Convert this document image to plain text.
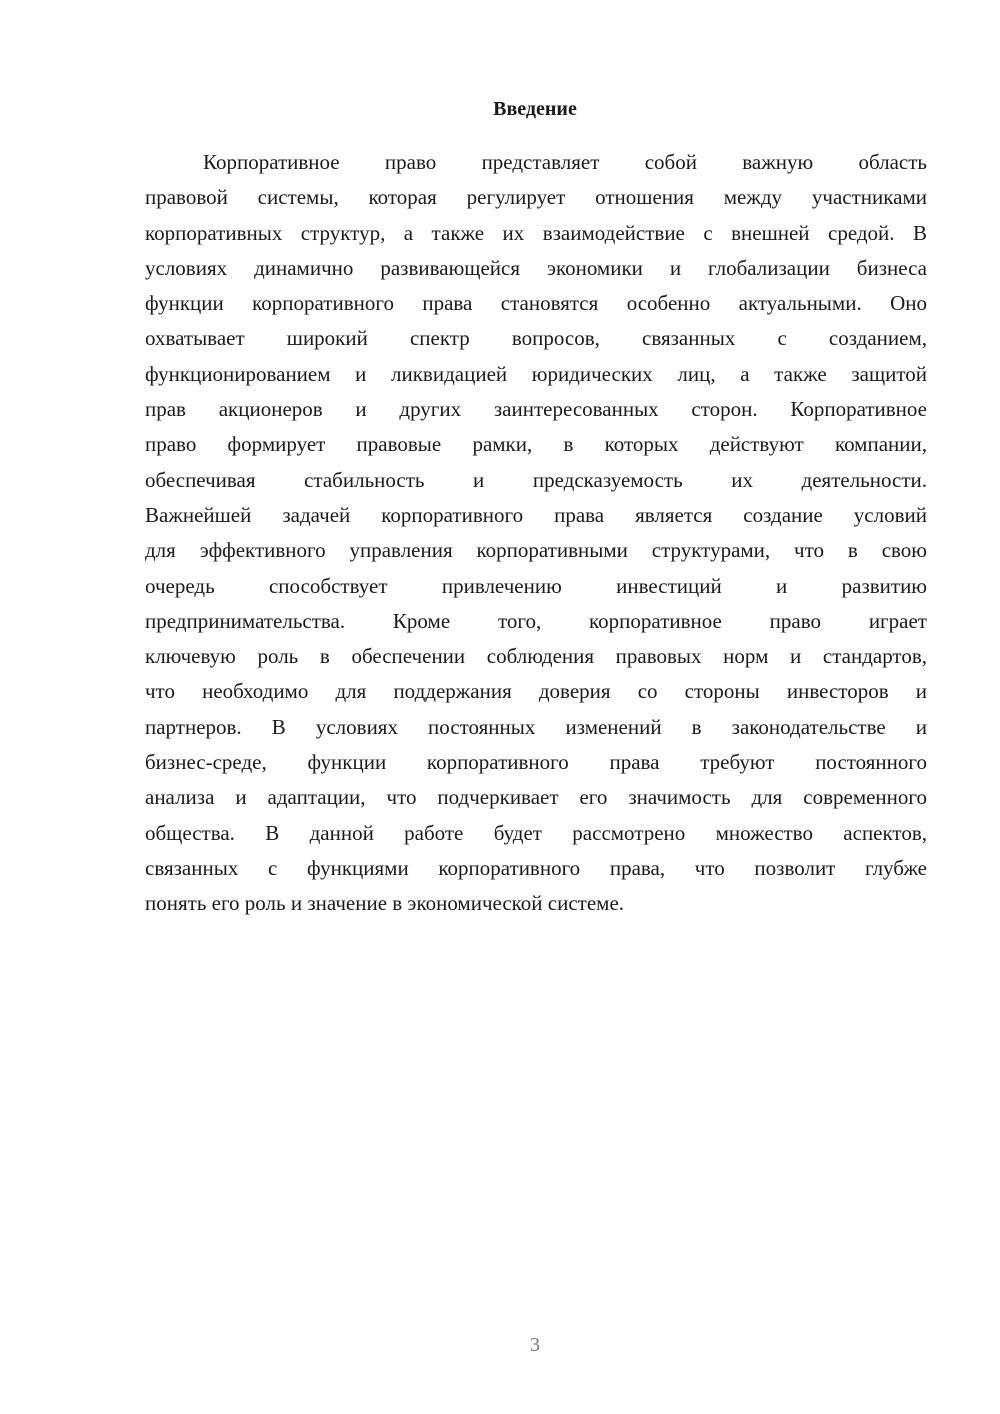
Введение
Корпоративное право представляет собой важную область
правовой системы, которая регулирует отношения между участниками
корпоративных структур, а также их взаимодействие с внешней средой. В
условиях динамично развивающейся экономики и глобализации бизнеса
функции корпоративного права становятся особенно актуальными. Оно
охватывает широкий спектр вопросов, связанных с созданием,
функционированием и ликвидацией юридических лиц, а также защитой
прав акционеров и других заинтересованных сторон. Корпоративное
право формирует правовые рамки, в которых действуют компании,
обеспечивая стабильность и предсказуемость их деятельности.
Важнейшей задачей корпоративного права является создание условий
для эффективного управления корпоративными структурами, что в свою
очередь способствует привлечению инвестиций и развитию
предпринимательства. Кроме того, корпоративное право играет
ключевую роль в обеспечении соблюдения правовых норм и стандартов,
что необходимо для поддержания доверия со стороны инвесторов и
партнеров. В условиях постоянных изменений в законодательстве и
бизнес-среде, функции корпоративного права требуют постоянного
анализа и адаптации, что подчеркивает его значимость для современного
общества. В данной работе будет рассмотрено множество аспектов,
связанных с функциями корпоративного права, что позволит глубже
понять его роль и значение в экономической системе.
3
